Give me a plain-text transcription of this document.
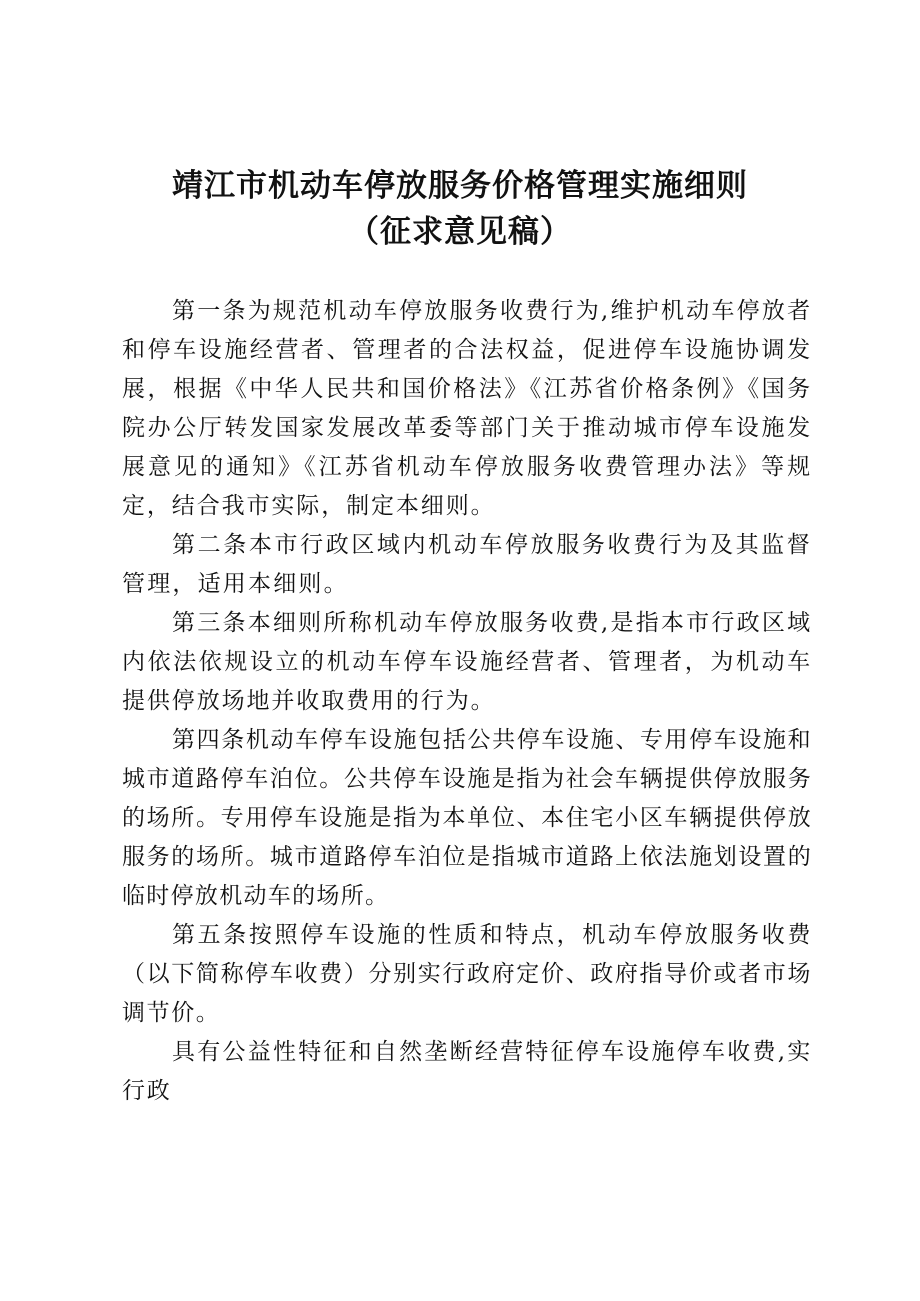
靖江市机动车停放服务价格管理实施细则
（征求意见稿）

第一条为规范机动车停放服务收费行为,维护机动车停放者和停车设施经营者、管理者的合法权益，促进停车设施协调发展，根据《中华人民共和国价格法》《江苏省价格条例》《国务院办公厅转发国家发展改革委等部门关于推动城市停车设施发展意见的通知》《江苏省机动车停放服务收费管理办法》等规定，结合我市实际，制定本细则。

第二条本市行政区域内机动车停放服务收费行为及其监督管理，适用本细则。

第三条本细则所称机动车停放服务收费,是指本市行政区域内依法依规设立的机动车停车设施经营者、管理者，为机动车提供停放场地并收取费用的行为。

第四条机动车停车设施包括公共停车设施、专用停车设施和城市道路停车泊位。公共停车设施是指为社会车辆提供停放服务的场所。专用停车设施是指为本单位、本住宅小区车辆提供停放服务的场所。城市道路停车泊位是指城市道路上依法施划设置的临时停放机动车的场所。

第五条按照停车设施的性质和特点，机动车停放服务收费（以下简称停车收费）分别实行政府定价、政府指导价或者市场调节价。

具有公益性特征和自然垄断经营特征停车设施停车收费,实行政
